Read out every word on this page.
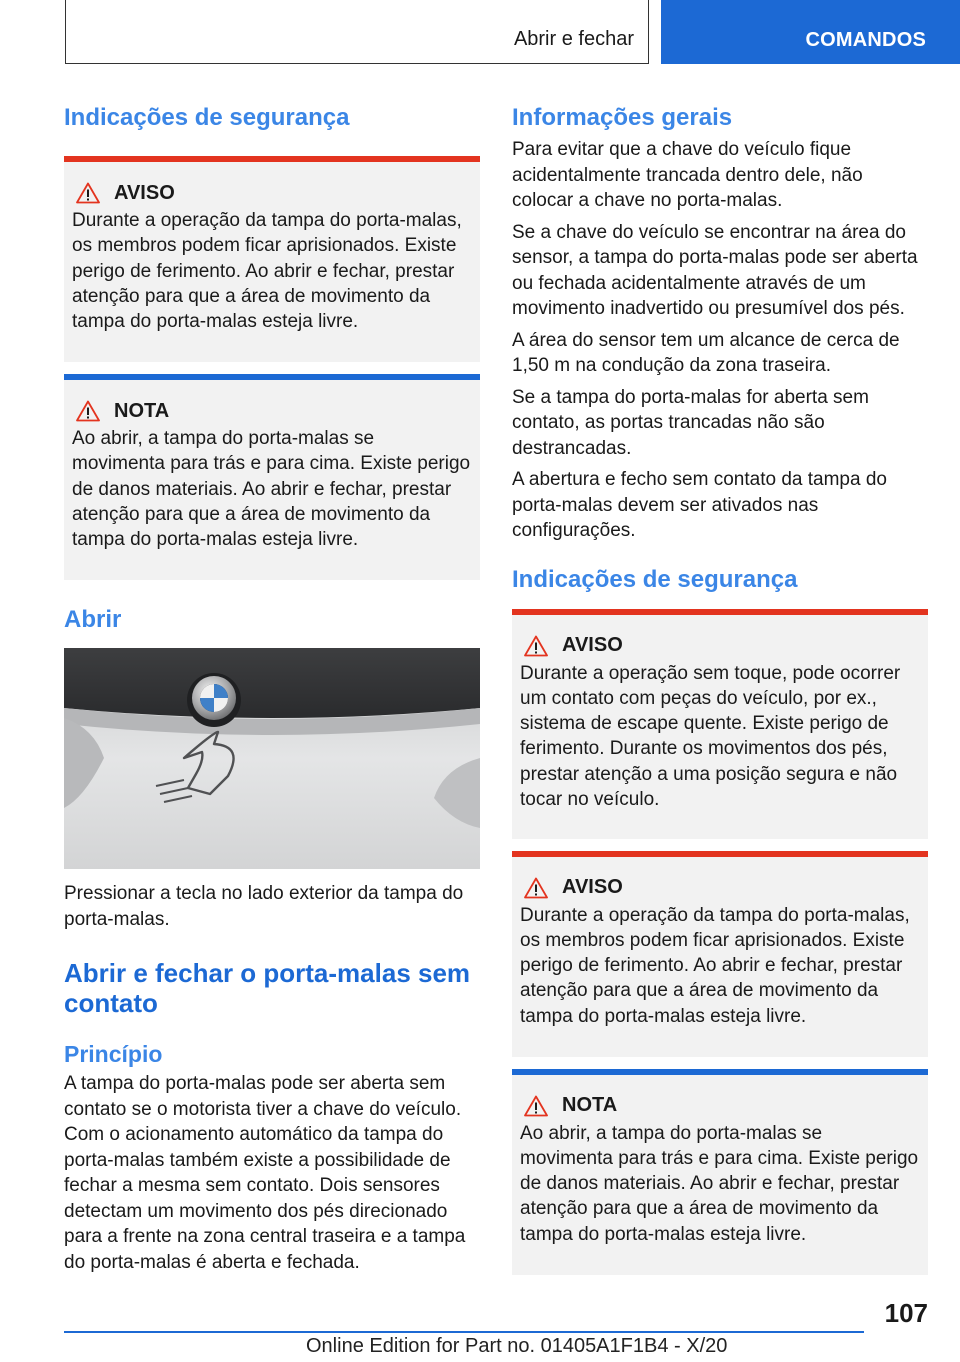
Abrir e fechar	COMANDOS
Indicações de segurança
AVISO

Durante a operação da tampa do porta-malas, os membros podem ficar aprisionados. Existe perigo de ferimento. Ao abrir e fechar, prestar atenção para que a área de movimento da tampa do porta-malas esteja livre.

NOTA

Ao abrir, a tampa do porta-malas se movimenta para trás e para cima. Existe perigo de danos materiais. Ao abrir e fechar, prestar atenção para que a área de movimento da tampa do porta-malas esteja livre.

Abrir

Pressionar a tecla no lado exterior da tampa do porta-malas.

Abrir e fechar o porta-malas sem contato
Princípio

A tampa do porta-malas pode ser aberta sem contato se o motorista tiver a chave do veículo. Com o acionamento automático da tampa do porta-malas também existe a possibilidade de fechar a mesma sem contato. Dois sensores detectam um movimento dos pés direcionado para a frente na zona central traseira e a tampa do porta-malas é aberta e fechada.

Informações gerais

Para evitar que a chave do veículo fique acidentalmente trancada dentro dele, não colocar a chave no porta-malas.

Se a chave do veículo se encontrar na área do sensor, a tampa do porta-malas pode ser aberta ou fechada acidentalmente através de um movimento inadvertido ou presumível dos pés.

A área do sensor tem um alcance de cerca de 1,50 m na condução da zona traseira.

Se a tampa do porta-malas for aberta sem contato, as portas trancadas não são destrancadas.

A abertura e fecho sem contato da tampa do porta-malas devem ser ativados nas configurações.

Indicações de segurança
AVISO

Durante a operação sem toque, pode ocorrer um contato com peças do veículo, por ex., sistema de escape quente. Existe perigo de ferimento. Durante os movimentos dos pés, prestar atenção a uma posição segura e não tocar no veículo.

AVISO

Durante a operação da tampa do porta-malas, os membros podem ficar aprisionados. Existe perigo de ferimento. Ao abrir e fechar, prestar atenção para que a área de movimento da tampa do porta-malas esteja livre.

NOTA

Ao abrir, a tampa do porta-malas se movimenta para trás e para cima. Existe perigo de danos materiais. Ao abrir e fechar, prestar atenção para que a área de movimento da tampa do porta-malas esteja livre.

107
Online Edition for Part no. 01405A1F1B4 - X/20
